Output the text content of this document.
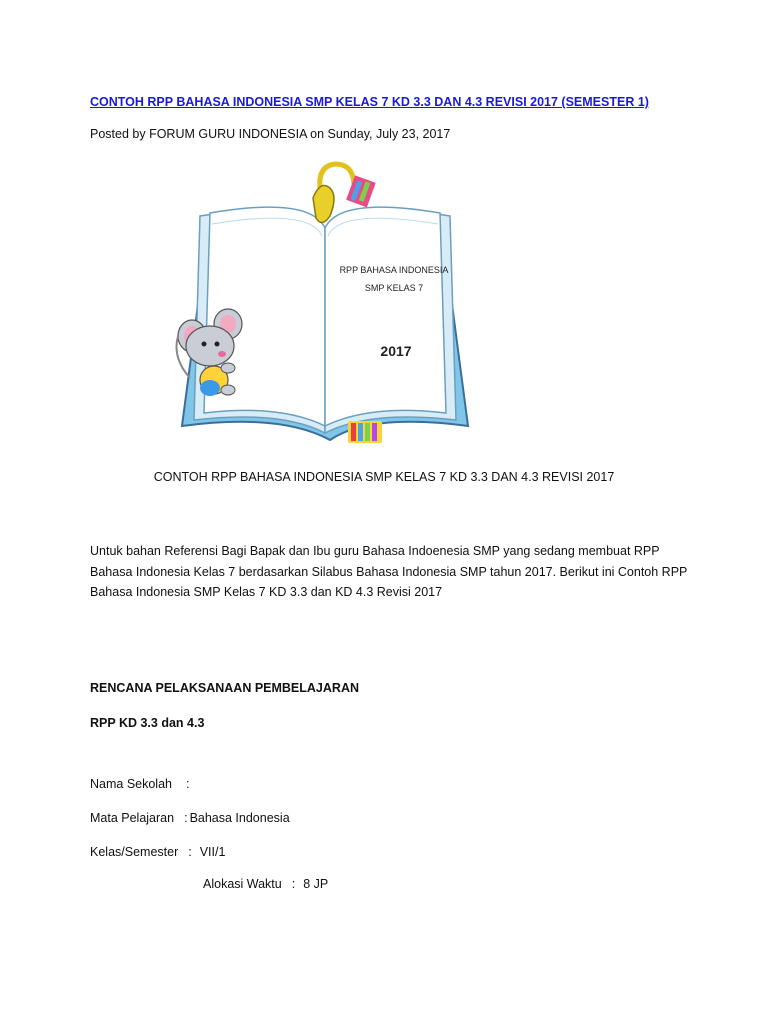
CONTOH RPP BAHASA INDONESIA SMP KELAS 7 KD 3.3 DAN 4.3 REVISI 2017 (SEMESTER 1)
Posted by FORUM GURU INDONESIA on Sunday, July 23, 2017
RPP BAHASA INDONESIA
SMP KELAS 7
2017
CONTOH RPP BAHASA INDONESIA SMP KELAS 7 KD 3.3 DAN 4.3 REVISI 2017

Untuk bahan Referensi Bagi Bapak dan Ibu guru Bahasa Indoenesia SMP yang sedang membuat RPP

Bahasa Indonesia Kelas 7 berdasarkan Silabus Bahasa Indonesia SMP tahun 2017. Berikut ini Contoh RPP

Bahasa Indonesia SMP Kelas 7 KD 3.3 dan KD 4.3 Revisi 2017

RENCANA PELAKSANAAN PEMBELAJARAN
RPP KD 3.3 dan 4.3
Nama Sekolah :
Mata Pelajaran : Bahasa Indonesia
Kelas/Semester : VII/1
Alokasi Waktu : 8 JP
